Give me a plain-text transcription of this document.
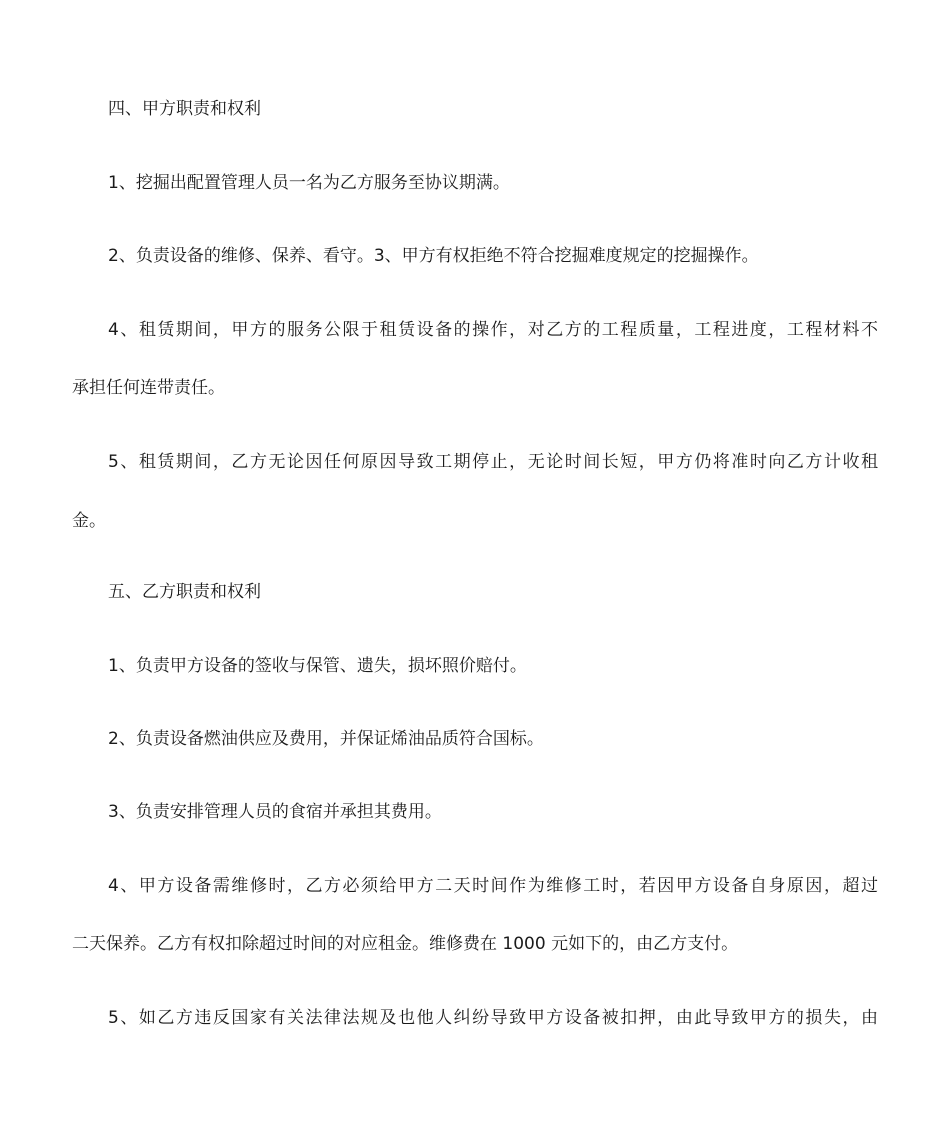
四、甲方职责和权利

1、挖掘出配置管理人员一名为乙方服务至协议期满。

2、负责设备的维修、保养、看守。3、甲方有权拒绝不符合挖掘难度规定的挖掘操作。

4、租赁期间，甲方的服务公限于租赁设备的操作，对乙方的工程质量，工程进度，工程材料不

承担任何连带责任。

5、租赁期间，乙方无论因任何原因导致工期停止，无论时间长短，甲方仍将准时向乙方计收租

金。

五、乙方职责和权利

1、负责甲方设备的签收与保管、遗失，损坏照价赔付。

2、负责设备燃油供应及费用，并保证烯油品质符合国标。

3、负责安排管理人员的食宿并承担其费用。

4、甲方设备需维修时，乙方必须给甲方二天时间作为维修工时，若因甲方设备自身原因，超过

二天保养。乙方有权扣除超过时间的对应租金。维修费在 1000 元如下的，由乙方支付。

5、如乙方违反国家有关法律法规及也他人纠纷导致甲方设备被扣押，由此导致甲方的损失，由
